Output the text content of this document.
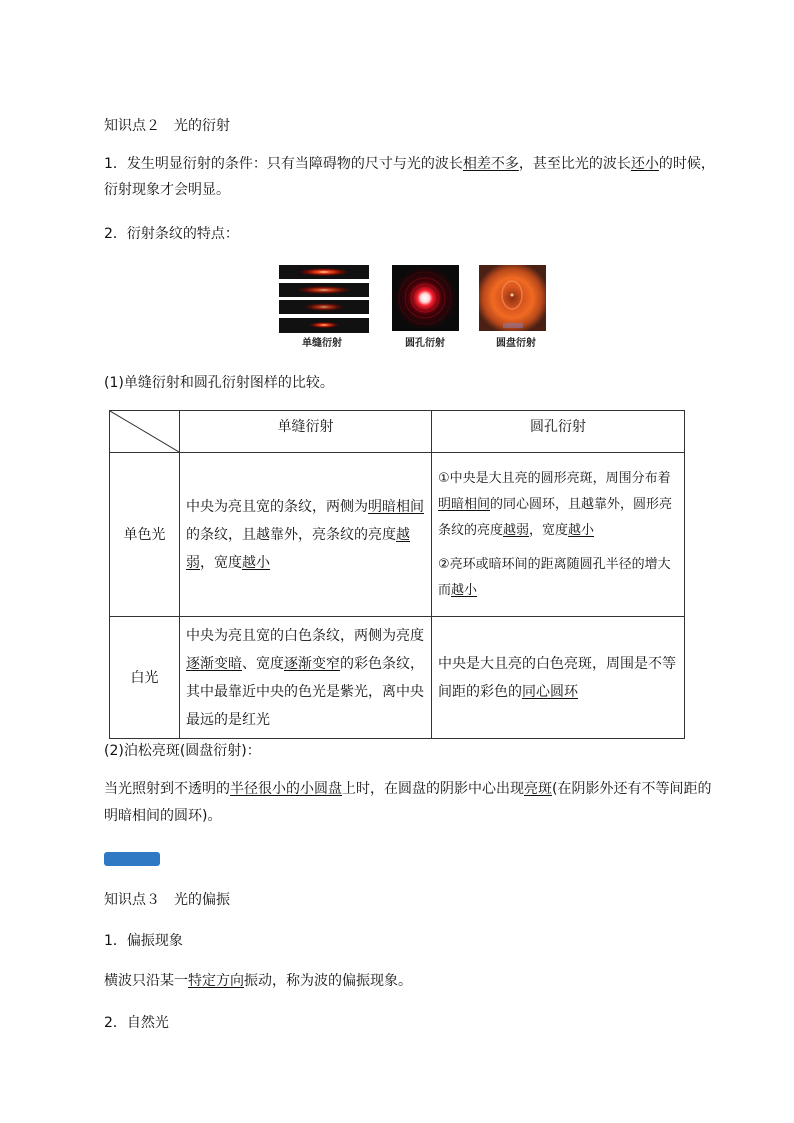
知识点２　光的衍射
1．发生明显衍射的条件：只有当障碍物的尺寸与光的波长相差不多，甚至比光的波长还小的时候，
衍射现象才会明显。
2．衍射条纹的特点：
单缝衍射	圆孔衍射	圆盘衍射
(1)单缝衍射和圆孔衍射图样的比较。
	单缝衍射	圆孔衍射
单色光	中央为亮且宽的条纹，两侧为明暗相间的条纹，且越靠外，亮条纹的亮度越弱，宽度越小	①中央是大且亮的圆形亮斑，周围分布着明暗相间的同心圆环，且越靠外，圆形亮条纹的亮度越弱，宽度越小
②亮环或暗环间的距离随圆孔半径的增大而越小

白光	中央为亮且宽的白色条纹，两侧为亮度逐渐变暗、宽度逐渐变窄的彩色条纹，其中最靠近中央的色光是紫光，离中央最远的是红光	中央是大且亮的白色亮斑，周围是不等间距的彩色的同心圆环
(2)泊松亮斑(圆盘衍射)：
当光照射到不透明的半径很小的小圆盘上时，在圆盘的阴影中心出现亮斑(在阴影外还有不等间距的
明暗相间的圆环)。
知识点３　光的偏振
1．偏振现象
横波只沿某一特定方向振动，称为波的偏振现象。
2．自然光
